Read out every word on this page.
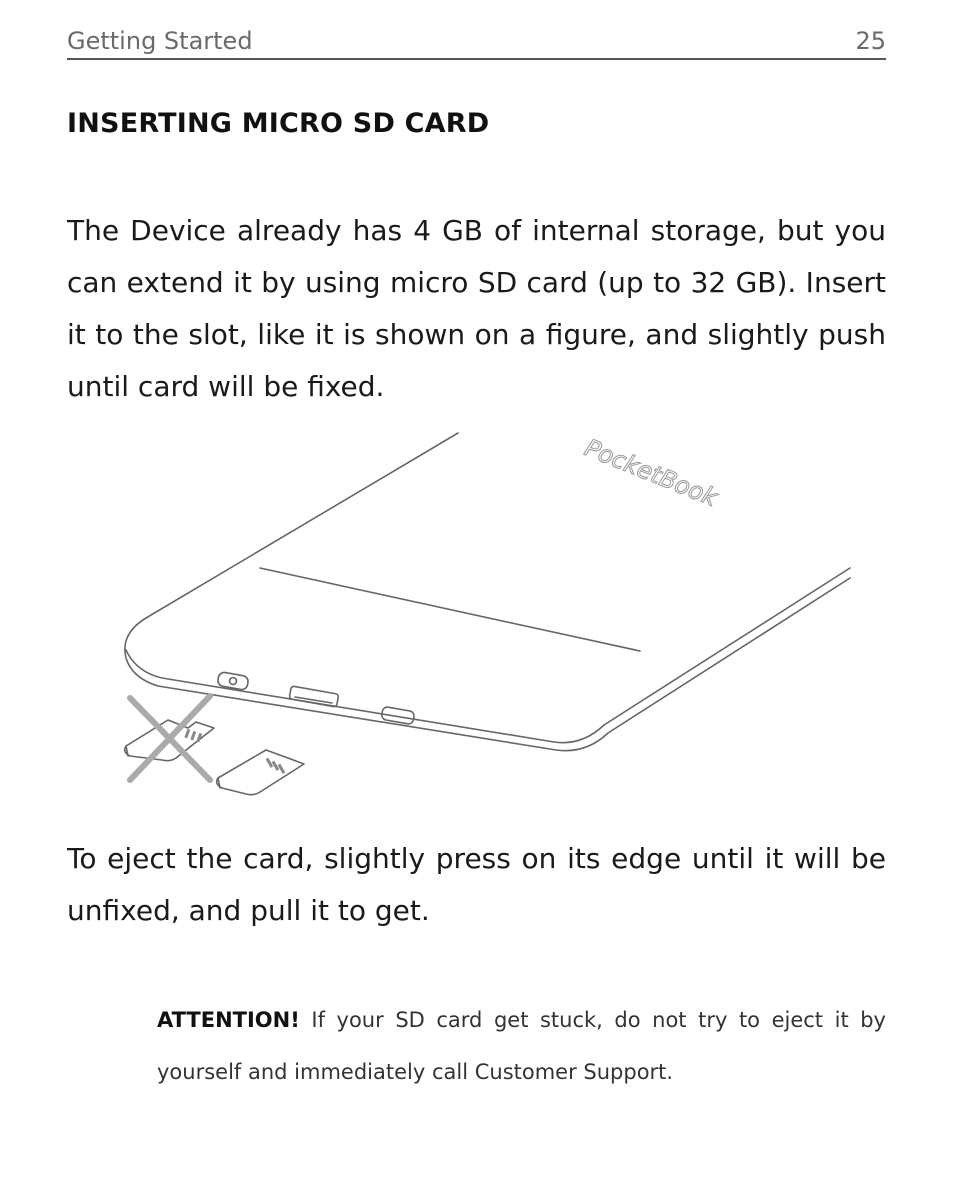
Getting Started	25
INSERTING MICRO SD CARD

The Device already has 4 GB of internal storage, but you can extend it by using micro SD card (up to 32 GB). Insert it to the slot, like it is shown on a figure, and slightly push until card will be fixed.

PocketBook

To eject the card, slightly press on its edge until it will be unfixed, and pull it to get.

ATTENTION! If your SD card get stuck, do not try to eject it by yourself and immediately call Customer Support.
